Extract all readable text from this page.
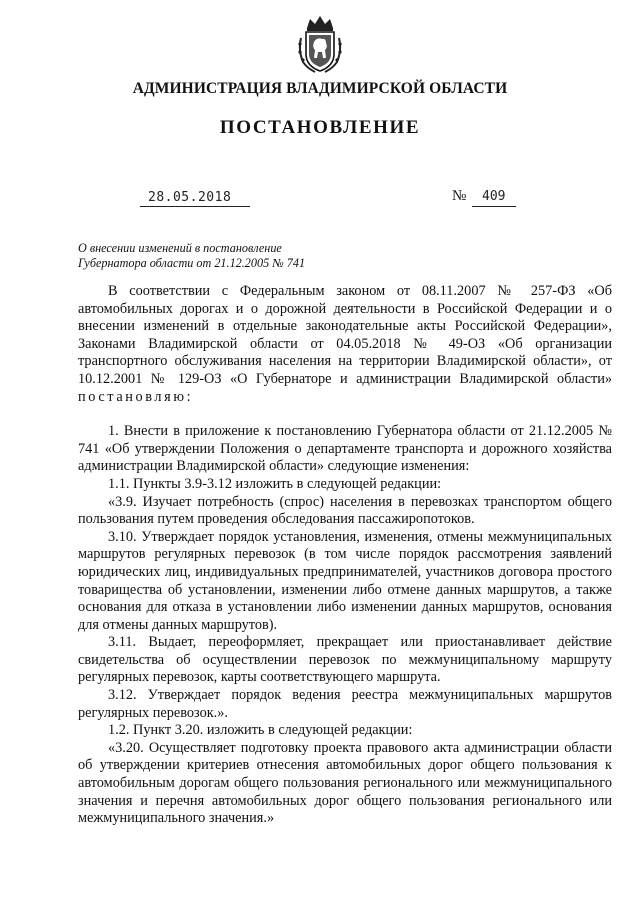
АДМИНИСТРАЦИЯ ВЛАДИМИРСКОЙ ОБЛАСТИ
ПОСТАНОВЛЕНИЕ
28.05.2018	№ 409
О внесении изменений в постановление
Губернатора области от 21.12.2005 № 741

В соответствии с Федеральным законом от 08.11.2007 № 257-ФЗ «Об автомобильных дорогах и о дорожной деятельности в Российской Федерации и о внесении изменений в отдельные законодательные акты Российской Федерации», Законами Владимирской области от 04.05.2018 № 49-ОЗ «Об организации транспортного обслуживания населения на территории Владимирской области», от 10.12.2001 № 129-ОЗ «О Губернаторе и администрации Владимирской области» постановляю:

1. Внести в приложение к постановлению Губернатора области от 21.12.2005 № 741 «Об утверждении Положения о департаменте транспорта и дорожного хозяйства администрации Владимирской области» следующие изменения:

1.1. Пункты 3.9-3.12 изложить в следующей редакции:

«3.9. Изучает потребность (спрос) населения в перевозках транспортом общего пользования путем проведения обследования пассажиропотоков.

3.10. Утверждает порядок установления, изменения, отмены межмуниципальных маршрутов регулярных перевозок (в том числе порядок рассмотрения заявлений юридических лиц, индивидуальных предпринимателей, участников договора простого товарищества об установлении, изменении либо отмене данных маршрутов, а также основания для отказа в установлении либо изменении данных маршрутов, основания для отмены данных маршрутов).

3.11. Выдает, переоформляет, прекращает или приостанавливает действие свидетельства об осуществлении перевозок по межмуниципальному маршруту регулярных перевозок, карты соответствующего маршрута.

3.12. Утверждает порядок ведения реестра межмуниципальных маршрутов регулярных перевозок.».

1.2. Пункт 3.20. изложить в следующей редакции:

«3.20. Осуществляет подготовку проекта правового акта администрации области об утверждении критериев отнесения автомобильных дорог общего пользования к автомобильным дорогам общего пользования регионального или межмуниципального значения и перечня автомобильных дорог общего пользования регионального или межмуниципального значения.»
